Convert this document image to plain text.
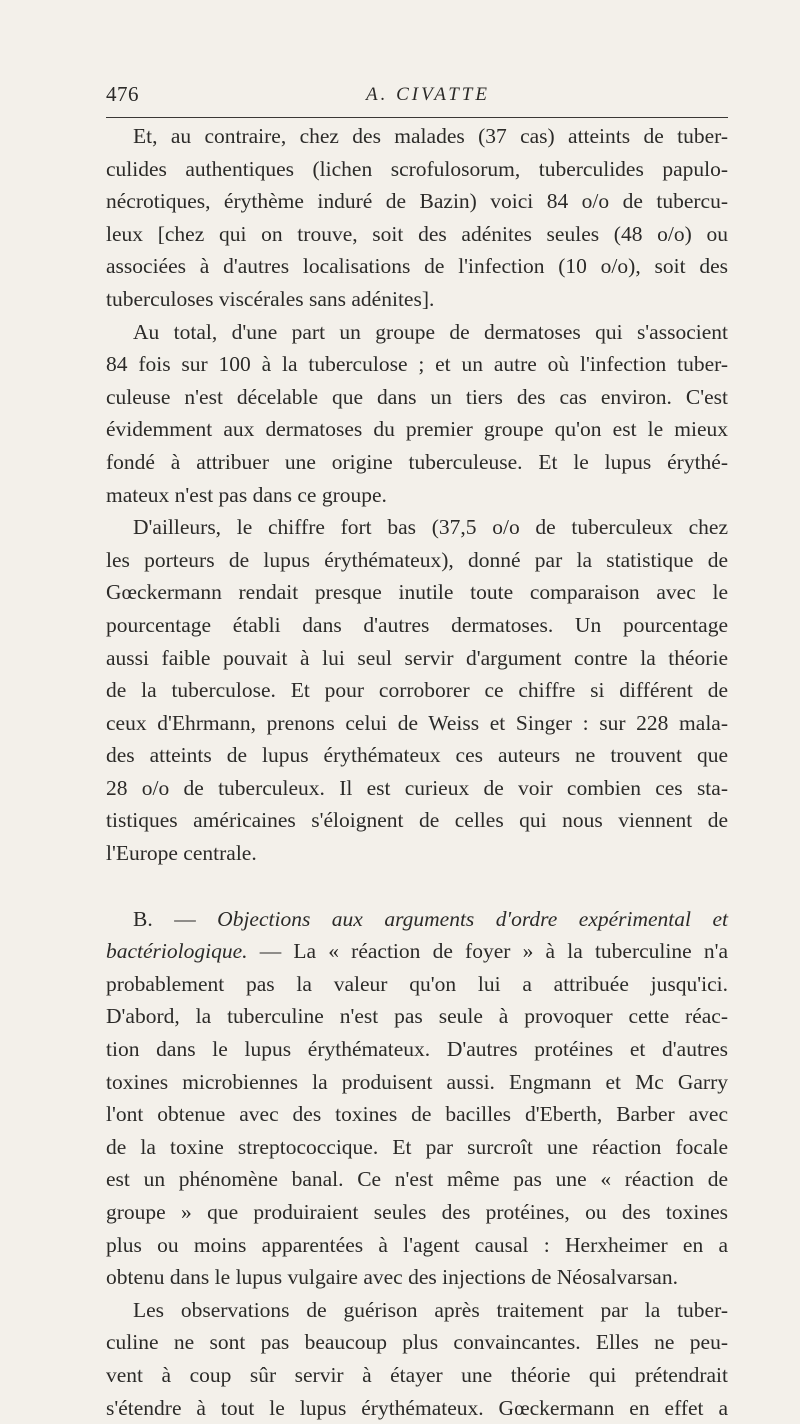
476	A. CIVATTE
Et, au contraire, chez des malades (37 cas) atteints de tuber-
culides authentiques (lichen scrofulosorum, tuberculides papulo-
nécrotiques, érythème induré de Bazin) voici 84 o/o de tubercu-
leux [chez qui on trouve, soit des adénites seules (48 o/o) ou
associées à d'autres localisations de l'infection (10 o/o), soit des
tuberculoses viscérales sans adénites].
Au total, d'une part un groupe de dermatoses qui s'associent
84 fois sur 100 à la tuberculose ; et un autre où l'infection tuber-
culeuse n'est décelable que dans un tiers des cas environ. C'est
évidemment aux dermatoses du premier groupe qu'on est le mieux
fondé à attribuer une origine tuberculeuse. Et le lupus érythé-
mateux n'est pas dans ce groupe.
D'ailleurs, le chiffre fort bas (37,5 o/o de tuberculeux chez
les porteurs de lupus érythémateux), donné par la statistique de
Gœckermann rendait presque inutile toute comparaison avec le
pourcentage établi dans d'autres dermatoses. Un pourcentage
aussi faible pouvait à lui seul servir d'argument contre la théorie
de la tuberculose. Et pour corroborer ce chiffre si différent de
ceux d'Ehrmann, prenons celui de Weiss et Singer : sur 228 mala-
des atteints de lupus érythémateux ces auteurs ne trouvent que
28 o/o de tuberculeux. Il est curieux de voir combien ces sta-
tistiques américaines s'éloignent de celles qui nous viennent de
l'Europe centrale.
B. — Objections aux arguments d'ordre expérimental et
bactériologique. — La « réaction de foyer » à la tuberculine n'a
probablement pas la valeur qu'on lui a attribuée jusqu'ici.
D'abord, la tuberculine n'est pas seule à provoquer cette réac-
tion dans le lupus érythémateux. D'autres protéines et d'autres
toxines microbiennes la produisent aussi. Engmann et Mc Garry
l'ont obtenue avec des toxines de bacilles d'Eberth, Barber avec
de la toxine streptococcique. Et par surcroît une réaction focale
est un phénomène banal. Ce n'est même pas une « réaction de
groupe » que produiraient seules des protéines, ou des toxines
plus ou moins apparentées à l'agent causal : Herxheimer en a
obtenu dans le lupus vulgaire avec des injections de Néosalvarsan.
Les observations de guérison après traitement par la tuber-
culine ne sont pas beaucoup plus convaincantes. Elles ne peu-
vent à coup sûr servir à étayer une théorie qui prétendrait
s'étendre à tout le lupus érythémateux. Gœckermann en effet a
